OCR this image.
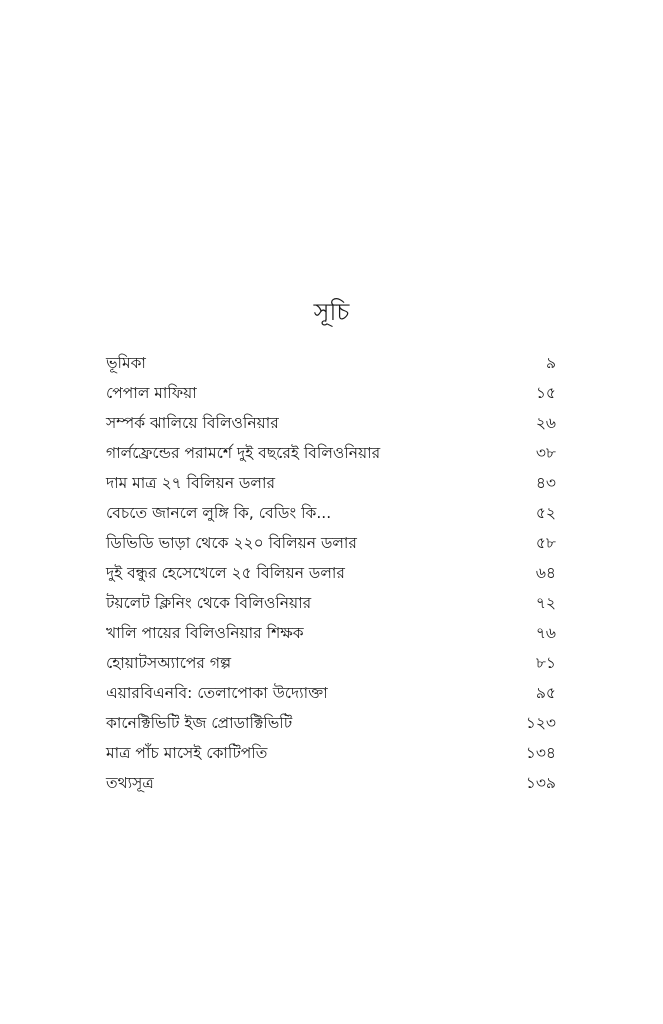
সূচি
ভূমিকা	৯
পেপাল মাফিয়া	১৫
সম্পর্ক ঝালিয়ে বিলিওনিয়ার	২৬
গার্লফ্রেন্ডের পরামর্শে দুই বছরেই বিলিওনিয়ার	৩৮
দাম মাত্র ২৭ বিলিয়ন ডলার	৪৩
বেচতে জানলে লুঙ্গি কি, বেডিং কি...	৫২
ডিভিডি ভাড়া থেকে ২২০ বিলিয়ন ডলার	৫৮
দুই বন্ধুর হেসেখেলে ২৫ বিলিয়ন ডলার	৬৪
টয়লেট ক্লিনিং থেকে বিলিওনিয়ার	৭২
খালি পায়ের বিলিওনিয়ার শিক্ষক	৭৬
হোয়াটসঅ্যাপের গল্প	৮১
এয়ারবিএনবি: তেলাপোকা উদ্যোক্তা	৯৫
কানেক্টিভিটি ইজ প্রোডাক্টিভিটি	১২৩
মাত্র পাঁচ মাসেই কোটিপতি	১৩৪
তথ্যসূত্র	১৩৯
